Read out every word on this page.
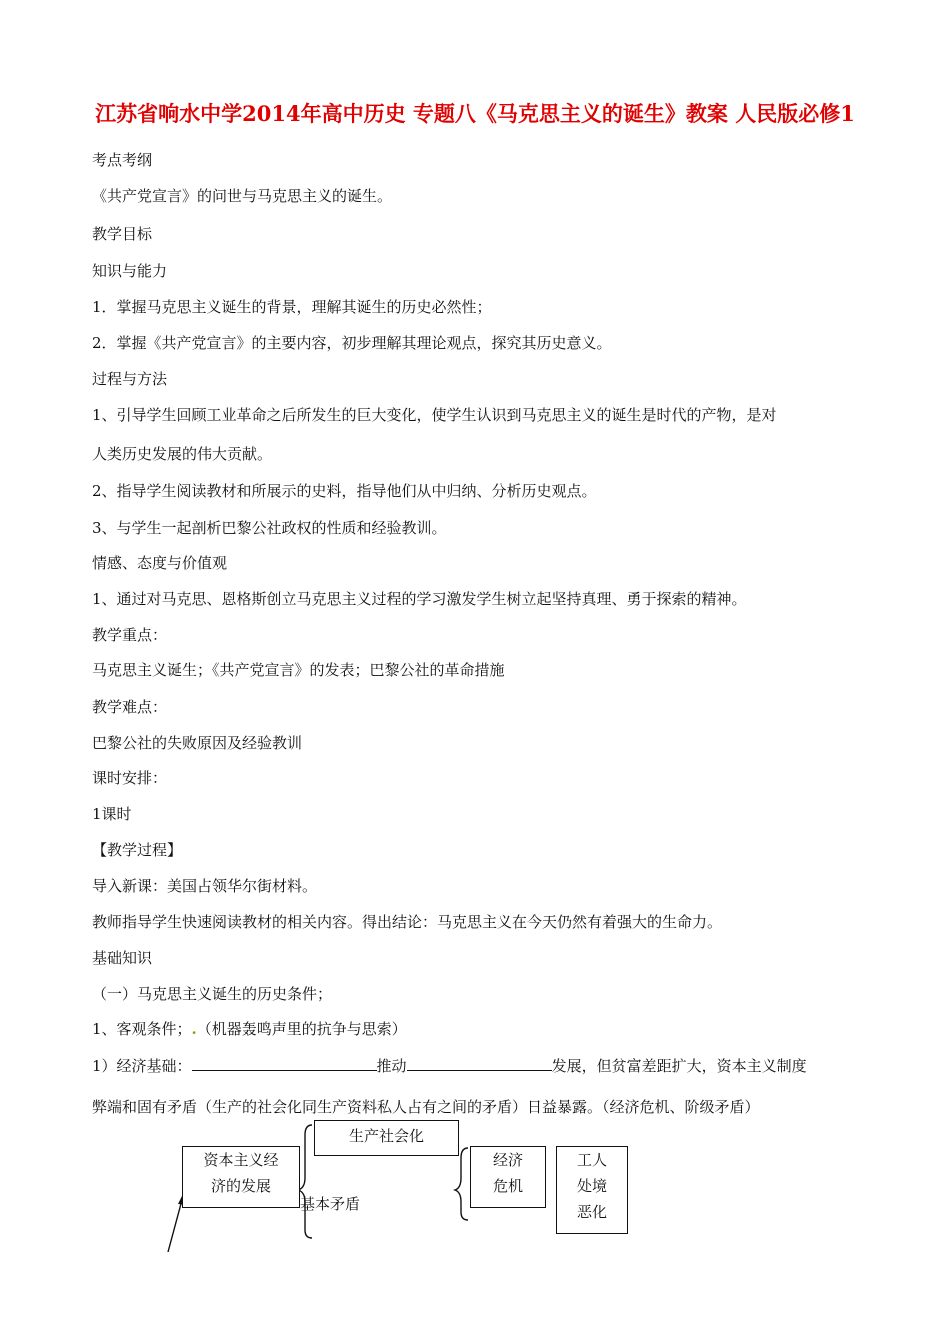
江苏省响水中学2014年高中历史 专题八《马克思主义的诞生》教案 人民版必修1
考点考纲
《共产党宣言》的问世与马克思主义的诞生。
教学目标
知识与能力
1．掌握马克思主义诞生的背景，理解其诞生的历史必然性；
2．掌握《共产党宣言》的主要内容，初步理解其理论观点，探究其历史意义。
过程与方法
1、引导学生回顾工业革命之后所发生的巨大变化，使学生认识到马克思主义的诞生是时代的产物，是对
人类历史发展的伟大贡献。
2、指导学生阅读教材和所展示的史料，指导他们从中归纳、分析历史观点。
3、与学生一起剖析巴黎公社政权的性质和经验教训。
情感、态度与价值观
1、通过对马克思、恩格斯创立马克思主义过程的学习激发学生树立起坚持真理、勇于探索的精神。
教学重点：
马克思主义诞生；《共产党宣言》的发表；巴黎公社的革命措施
教学难点：
巴黎公社的失败原因及经验教训
课时安排：
1课时
【教学过程】
导入新课：美国占领华尔街材料。
教师指导学生快速阅读教材的相关内容。得出结论：马克思主义在今天仍然有着强大的生命力。
基础知识
（一）马克思主义诞生的历史条件；
1、客观条件；.（机器轰鸣声里的抗争与思索）
1）经济基础：	推动	发展，但贫富差距扩大，资本主义制度
弊端和固有矛盾（生产的社会化同生产资料私人占有之间的矛盾）日益暴露。（经济危机、阶级矛盾）
资本主义经
济的发展
生产社会化
基本矛盾
经济
危机
工人
处境
恶化
